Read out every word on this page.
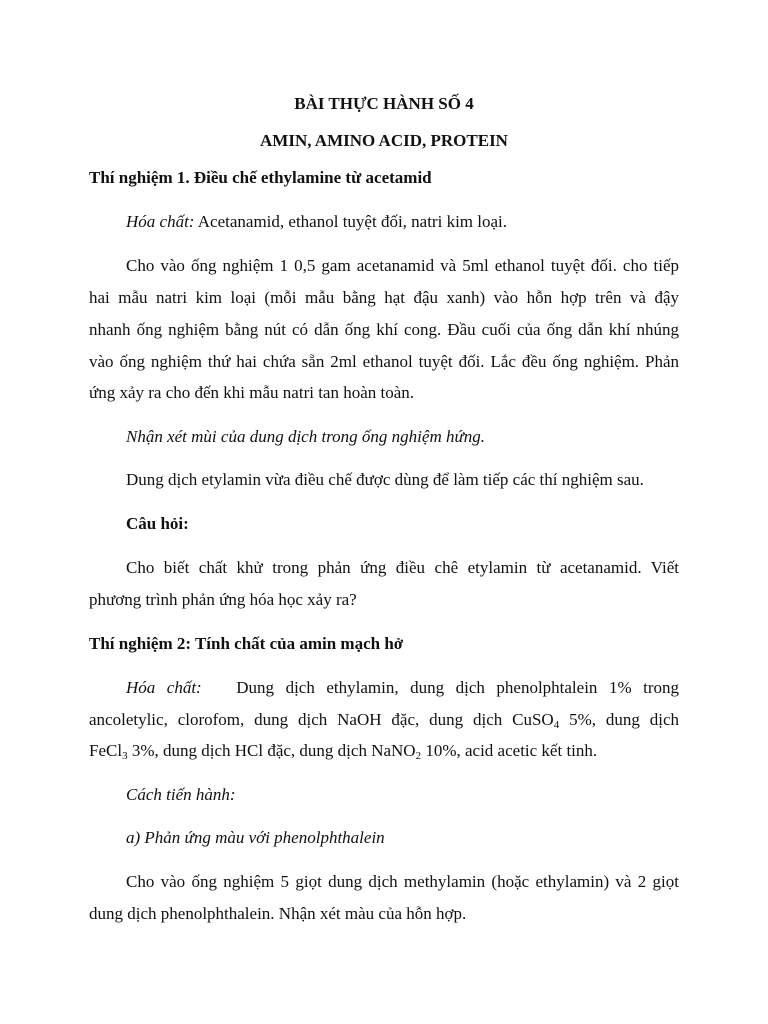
BÀI THỰC HÀNH SỐ 4

AMIN, AMINO ACID, PROTEIN

Thí nghiệm 1. Điều chế ethylamine từ acetamid

Hóa chất: Acetanamid, ethanol tuyệt đối, natri kim loại.

Cho vào ống nghiệm 1 0,5 gam acetanamid và 5ml ethanol tuyệt đối. cho tiếp

hai mẫu natri kim loại (mỗi mẫu bằng hạt đậu xanh) vào hỗn hợp trên và đậy

nhanh ống nghiệm bằng nút có dẫn ống khí cong. Đầu cuối của ống dẫn khí nhúng

vào ống nghiệm thứ hai chứa sẵn 2ml ethanol tuyệt đối. Lắc đều ống nghiệm. Phản

ứng xảy ra cho đến khi mẫu natri tan hoàn toàn.

Nhận xét mùi của dung dịch trong ống nghiệm hứng.

Dung dịch etylamin vừa điều chế được dùng để làm tiếp các thí nghiệm sau.

Câu hỏi:

Cho biết chất khử trong phản ứng điều chê etylamin từ acetanamid. Viết

phương trình phản ứng hóa học xảy ra?

Thí nghiệm 2: Tính chất của amin mạch hở

Hóa chất: Dung dịch ethylamin, dung dịch phenolphtalein 1% trong

ancoletylic, clorofom, dung dịch NaOH đặc, dung dịch CuSO$_4$ 5%, dung dịch

FeCl$_3$ 3%, dung dịch HCl đặc, dung dịch NaNO$_2$ 10%, acid acetic kết tinh.

Cách tiến hành:

a) Phản ứng màu với phenolphthalein

Cho vào ống nghiệm 5 giọt dung dịch methylamin (hoặc ethylamin) và 2 giọt

dung dịch phenolphthalein. Nhận xét màu của hỗn hợp.
